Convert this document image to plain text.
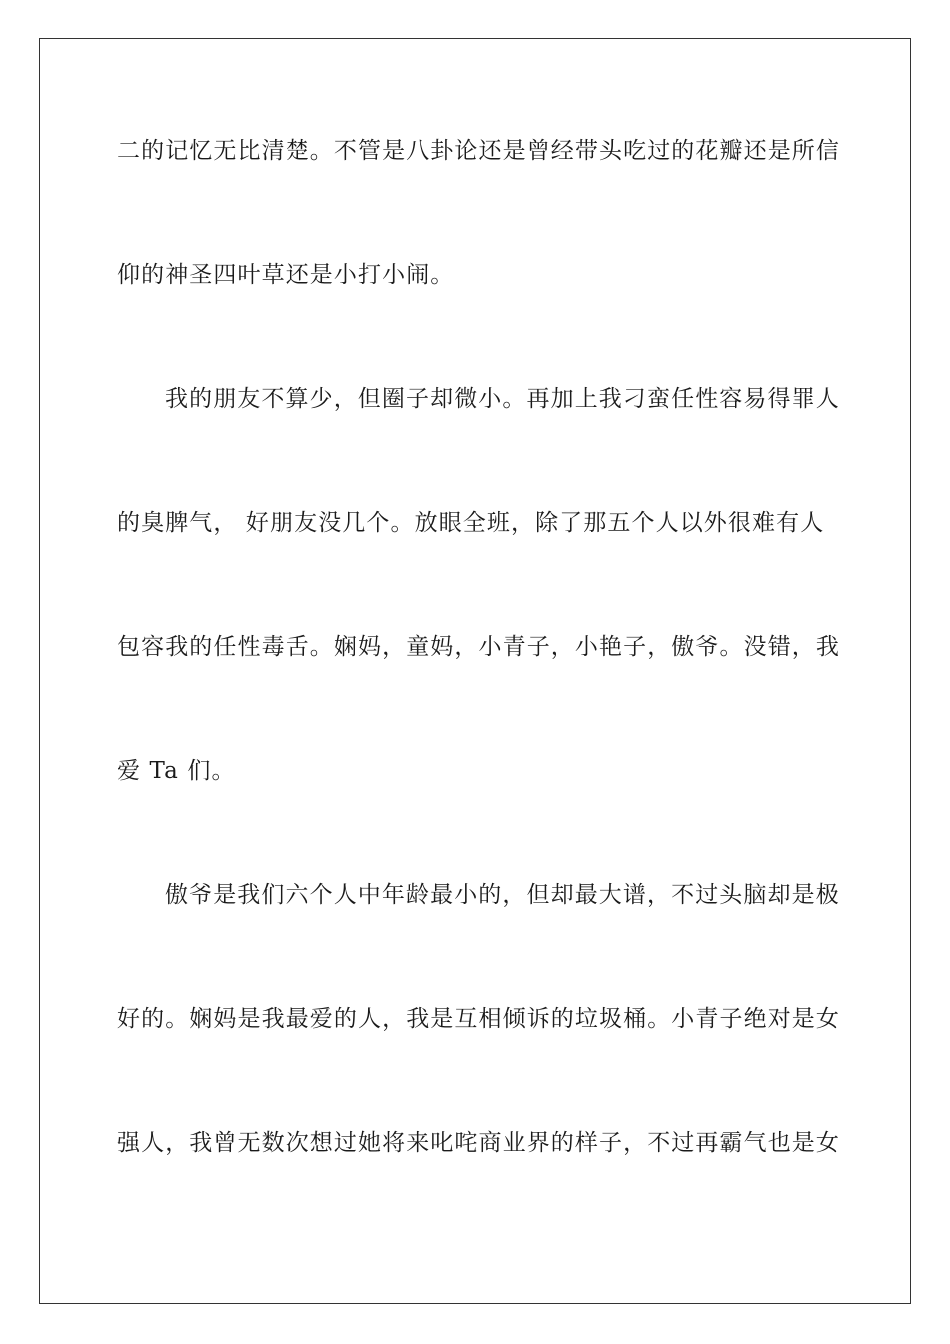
二的记忆无比清楚。不管是八卦论还是曾经带头吃过的花瓣还是所信
仰的神圣四叶草还是小打小闹。
我的朋友不算少，但圈子却微小。再加上我刁蛮任性容易得罪人
的臭脾气， 好朋友没几个。放眼全班，除了那五个人以外很难有人
包容我的任性毒舌。娴妈，童妈，小青子，小艳子，傲爷。没错，我
爱 Ta 们。
傲爷是我们六个人中年龄最小的，但却最大谱，不过头脑却是极
好的。娴妈是我最爱的人，我是互相倾诉的垃圾桶。小青子绝对是女
强人，我曾无数次想过她将来叱咤商业界的样子，不过再霸气也是女
